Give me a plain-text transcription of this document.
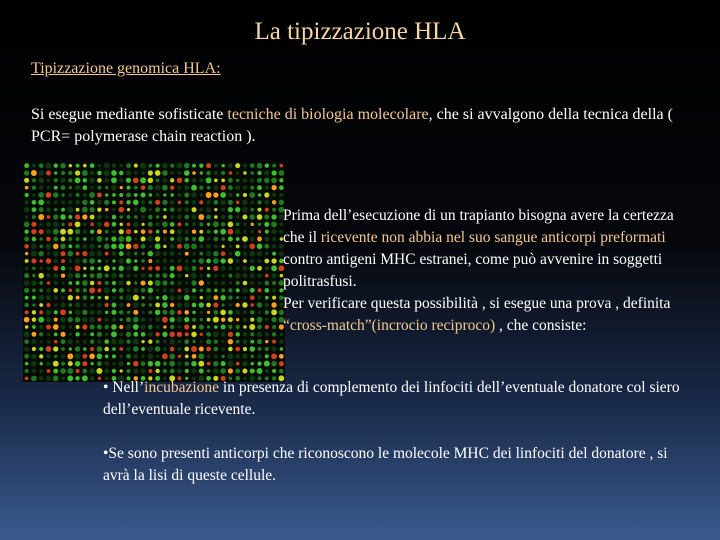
La tipizzazione HLA
Tipizzazione genomica HLA:
Si esegue mediante sofisticate tecniche di biologia molecolare, che si avvalgono della tecnica della ( PCR= polymerase chain reaction ).
Prima dell’esecuzione di un trapianto bisogna avere la certezza che il ricevente non abbia nel suo sangue anticorpi preformati contro antigeni MHC estranei, come può avvenire in soggetti politrasfusi.
Per verificare questa possibilità , si esegue una prova , definita “cross-match”(incrocio reciproco) , che consiste:

• Nell’incubazione in presenza di complemento dei linfociti dell’eventuale donatore col siero dell’eventuale ricevente.

•Se sono presenti anticorpi che riconoscono le molecole MHC dei linfociti del donatore , si avrà la lisi di queste cellule.
